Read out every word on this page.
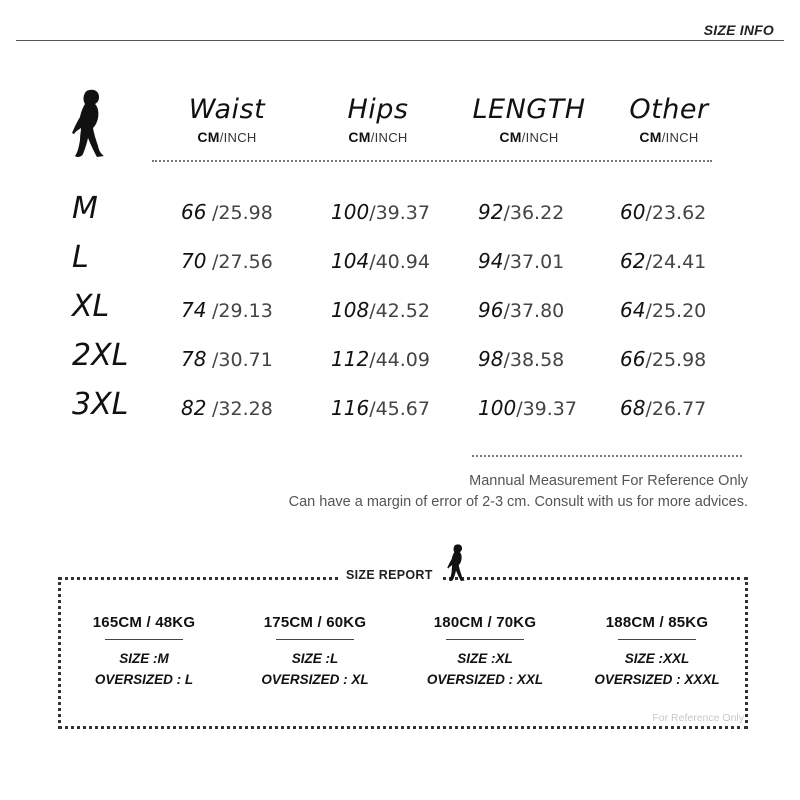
SIZE INFO
Waist
CM/INCH
Hips
CM/INCH
LENGTH
CM/INCH
Other
CM/INCH
M	66 /25.98	100/39.37 92/36.22	60/23.62
L	70 /27.56	104/40.94 94/37.01	62/24.41
XL	74 /29.13	108/42.52 96/37.80	64/25.20
2XL	78 /30.71	112/44.09 98/38.58	66/25.98
3XL	82 /32.28	116/45.67 100/39.37 68/26.77
Mannual Measurement For Reference Only
Can have a margin of error of 2-3 cm. Consult with us for more advices.
SIZE REPORT
165CM / 48KG
SIZE :M
OVERSIZED : L
175CM / 60KG
SIZE :L
OVERSIZED : XL
180CM / 70KG
SIZE :XL
OVERSIZED : XXL
188CM / 85KG
SIZE :XXL
OVERSIZED : XXXL
For Reference Only
